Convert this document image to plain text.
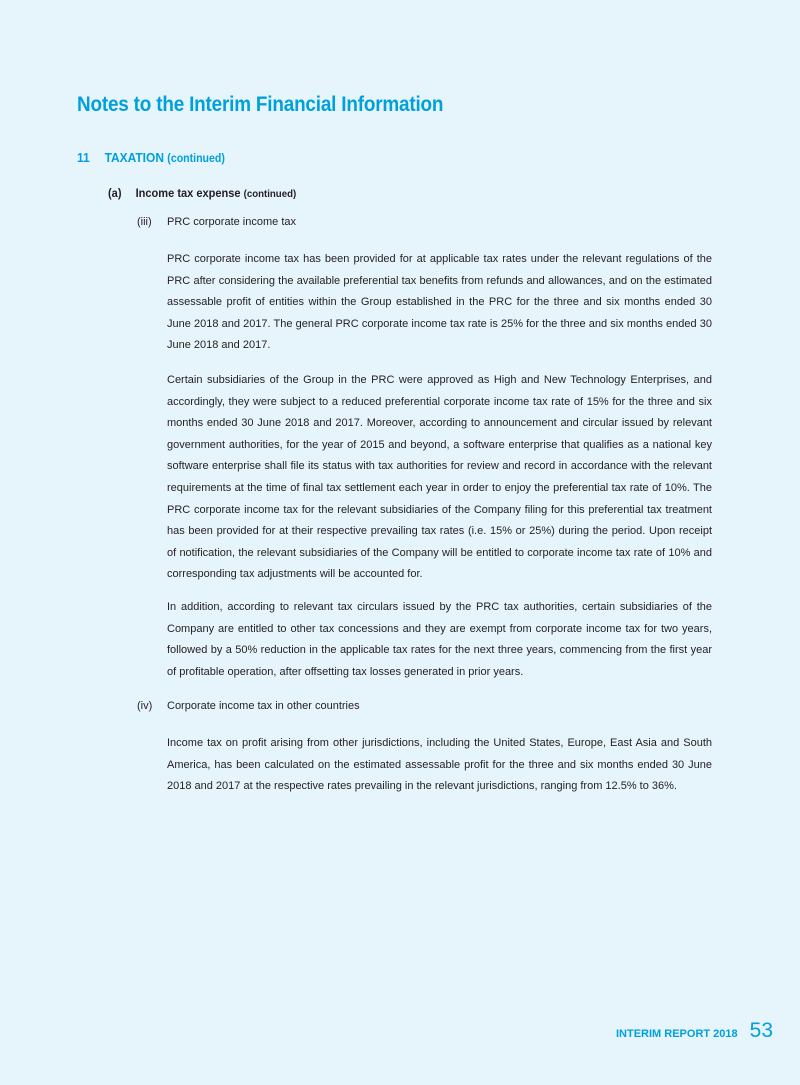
Notes to the Interim Financial Information
11 TAXATION (continued)
(a) Income tax expense (continued)
(iii) PRC corporate income tax

PRC corporate income tax has been provided for at applicable tax rates under the relevant regulations of the PRC after considering the available preferential tax benefits from refunds and allowances, and on the estimated assessable profit of entities within the Group established in the PRC for the three and six months ended 30 June 2018 and 2017. The general PRC corporate income tax rate is 25% for the three and six months ended 30 June 2018 and 2017.

Certain subsidiaries of the Group in the PRC were approved as High and New Technology Enterprises, and accordingly, they were subject to a reduced preferential corporate income tax rate of 15% for the three and six months ended 30 June 2018 and 2017. Moreover, according to announcement and circular issued by relevant government authorities, for the year of 2015 and beyond, a software enterprise that qualifies as a national key software enterprise shall file its status with tax authorities for review and record in accordance with the relevant requirements at the time of final tax settlement each year in order to enjoy the preferential tax rate of 10%. The PRC corporate income tax for the relevant subsidiaries of the Company filing for this preferential tax treatment has been provided for at their respective prevailing tax rates (i.e. 15% or 25%) during the period. Upon receipt of notification, the relevant subsidiaries of the Company will be entitled to corporate income tax rate of 10% and corresponding tax adjustments will be accounted for.

In addition, according to relevant tax circulars issued by the PRC tax authorities, certain subsidiaries of the Company are entitled to other tax concessions and they are exempt from corporate income tax for two years, followed by a 50% reduction in the applicable tax rates for the next three years, commencing from the first year of profitable operation, after offsetting tax losses generated in prior years.

(iv) Corporate income tax in other countries

Income tax on profit arising from other jurisdictions, including the United States, Europe, East Asia and South America, has been calculated on the estimated assessable profit for the three and six months ended 30 June 2018 and 2017 at the respective rates prevailing in the relevant jurisdictions, ranging from 12.5% to 36%.

INTERIM REPORT 2018 53
